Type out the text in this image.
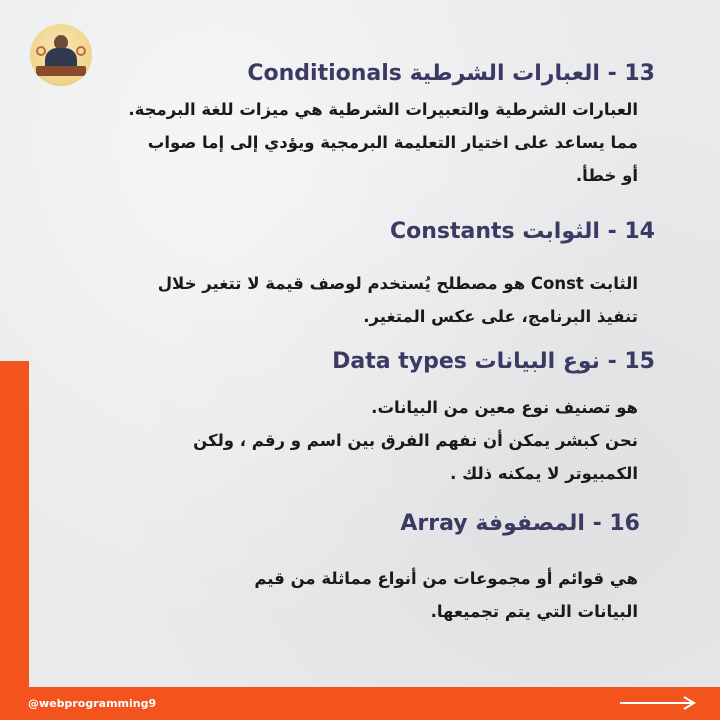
13 - العبارات الشرطية Conditionals
العبارات الشرطية والتعبيرات الشرطية هي ميزات للغة البرمجة.
مما يساعد على اختيار التعليمة البرمجية ويؤدي إلى إما صواب
أو خطأ.
14 - الثوابت Constants
الثابت Const هو مصطلح يُستخدم لوصف قيمة لا تتغير خلال
تنفيذ البرنامج، على عكس المتغير.
15 - نوع البيانات Data types
هو تصنيف نوع معين من البيانات.
نحن كبشر يمكن أن نفهم الفرق بين اسم و رقم ، ولكن
الكمبيوتر لا يمكنه ذلك .
16 - المصفوفة Array
هي قوائم أو مجموعات من أنواع مماثلة من قيم
البيانات التي يتم تجميعها.
@webprogramming9
